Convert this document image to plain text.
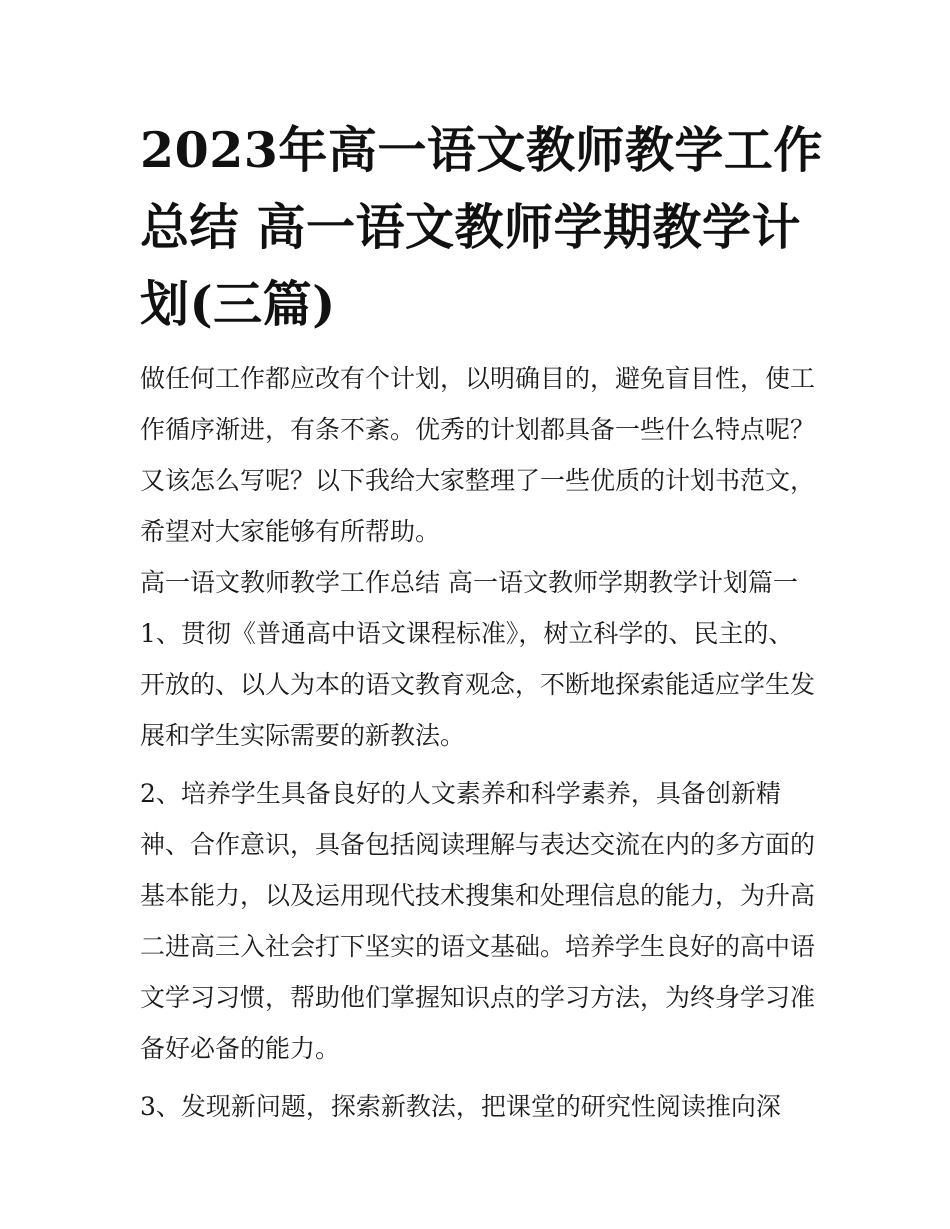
2023年高一语文教师教学工作
总结 高一语文教师学期教学计
划(三篇)

做任何工作都应改有个计划，以明确目的，避免盲目性，使工
作循序渐进，有条不紊。优秀的计划都具备一些什么特点呢？
又该怎么写呢？以下我给大家整理了一些优质的计划书范文，
希望对大家能够有所帮助。

高一语文教师教学工作总结 高一语文教师学期教学计划篇一

1、贯彻《普通高中语文课程标准》，树立科学的、民主的、
开放的、以人为本的语文教育观念，不断地探索能适应学生发
展和学生实际需要的新教法。

2、培养学生具备良好的人文素养和科学素养，具备创新精
神、合作意识，具备包括阅读理解与表达交流在内的多方面的
基本能力，以及运用现代技术搜集和处理信息的能力，为升高
二进高三入社会打下坚实的语文基础。培养学生良好的高中语
文学习习惯，帮助他们掌握知识点的学习方法，为终身学习准
备好必备的能力。

3、发现新问题，探索新教法，把课堂的研究性阅读推向深
